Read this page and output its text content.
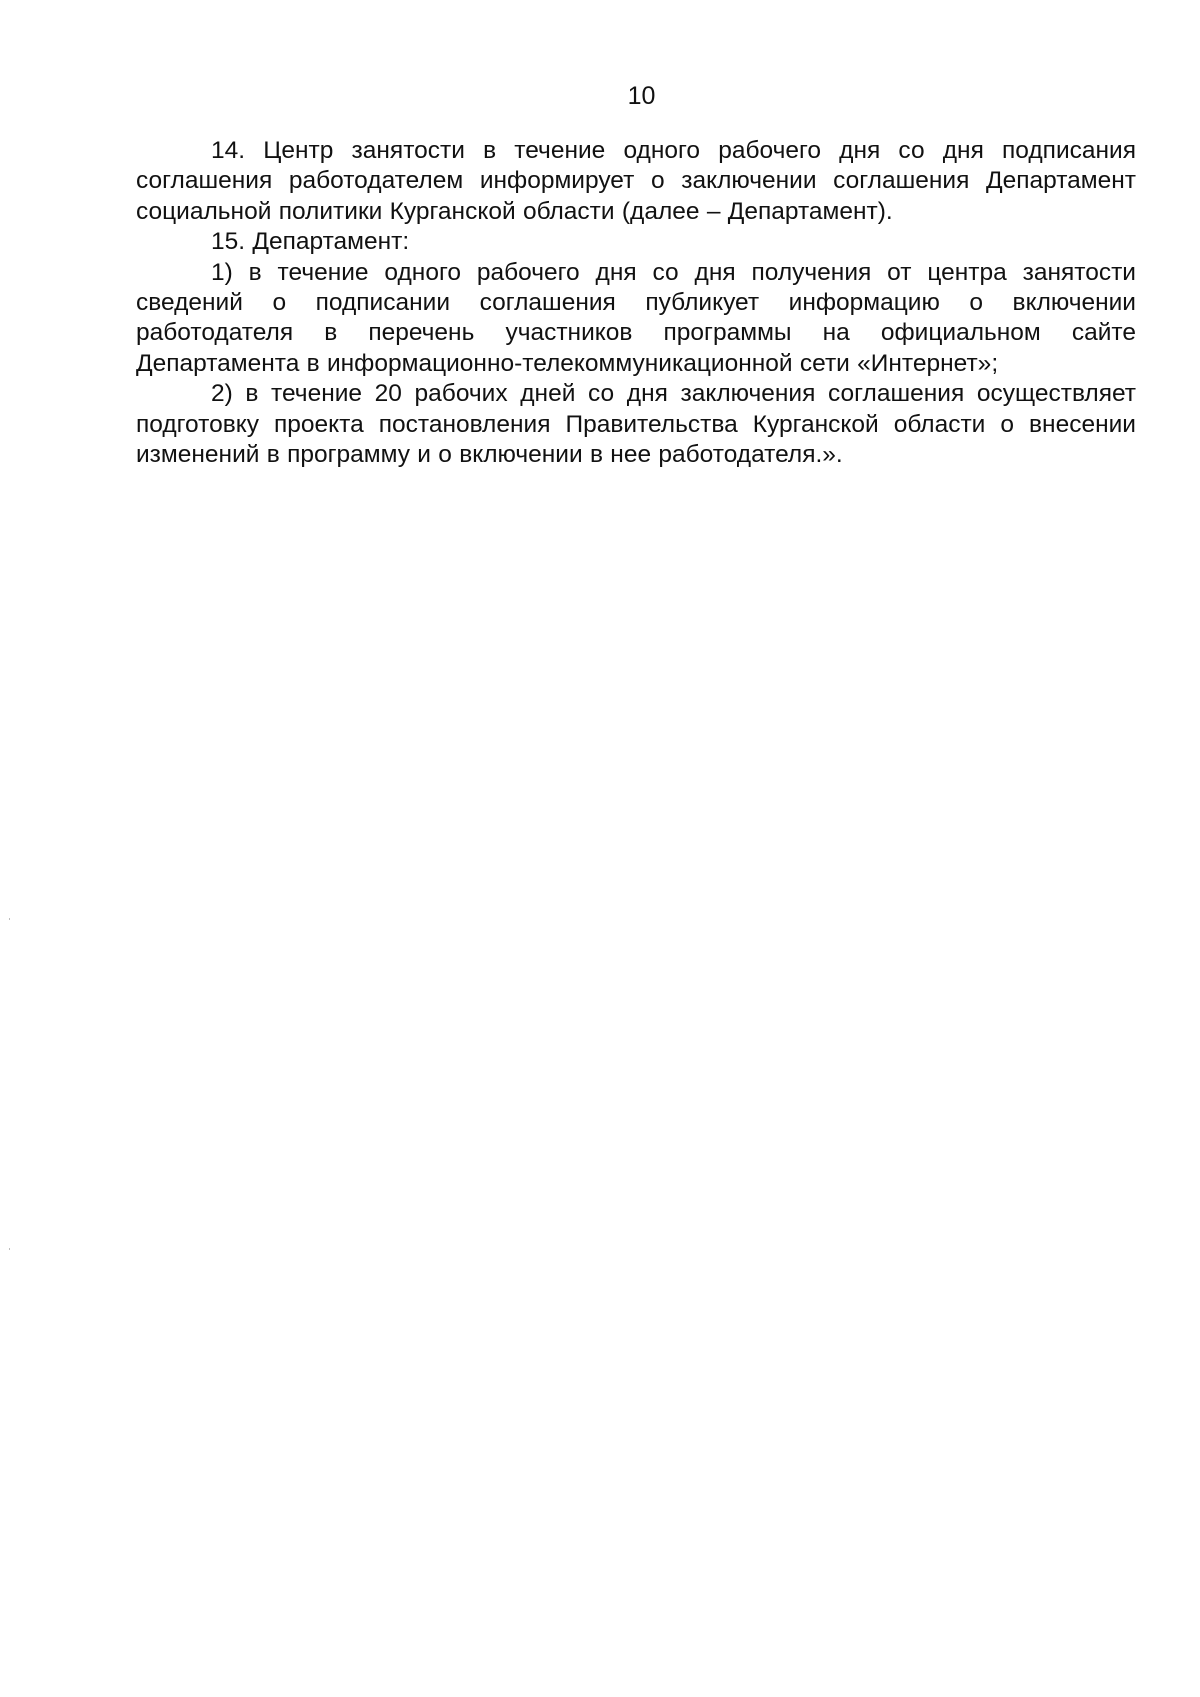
10

14. Центр занятости в течение одного рабочего дня со дня подписания соглашения работодателем информирует о заключении соглашения Департамент социальной политики Курганской области (далее – Департамент).

15. Департамент:

1) в течение одного рабочего дня со дня получения от центра занятости сведений о подписании соглашения публикует информацию о включении работодателя в перечень участников программы на официальном сайте Департамента в информационно-телекоммуникационной сети «Интернет»;

2) в течение 20 рабочих дней со дня заключения соглашения осуществляет подготовку проекта постановления Правительства Курганской области о внесении изменений в программу и о включении в нее работодателя.».
